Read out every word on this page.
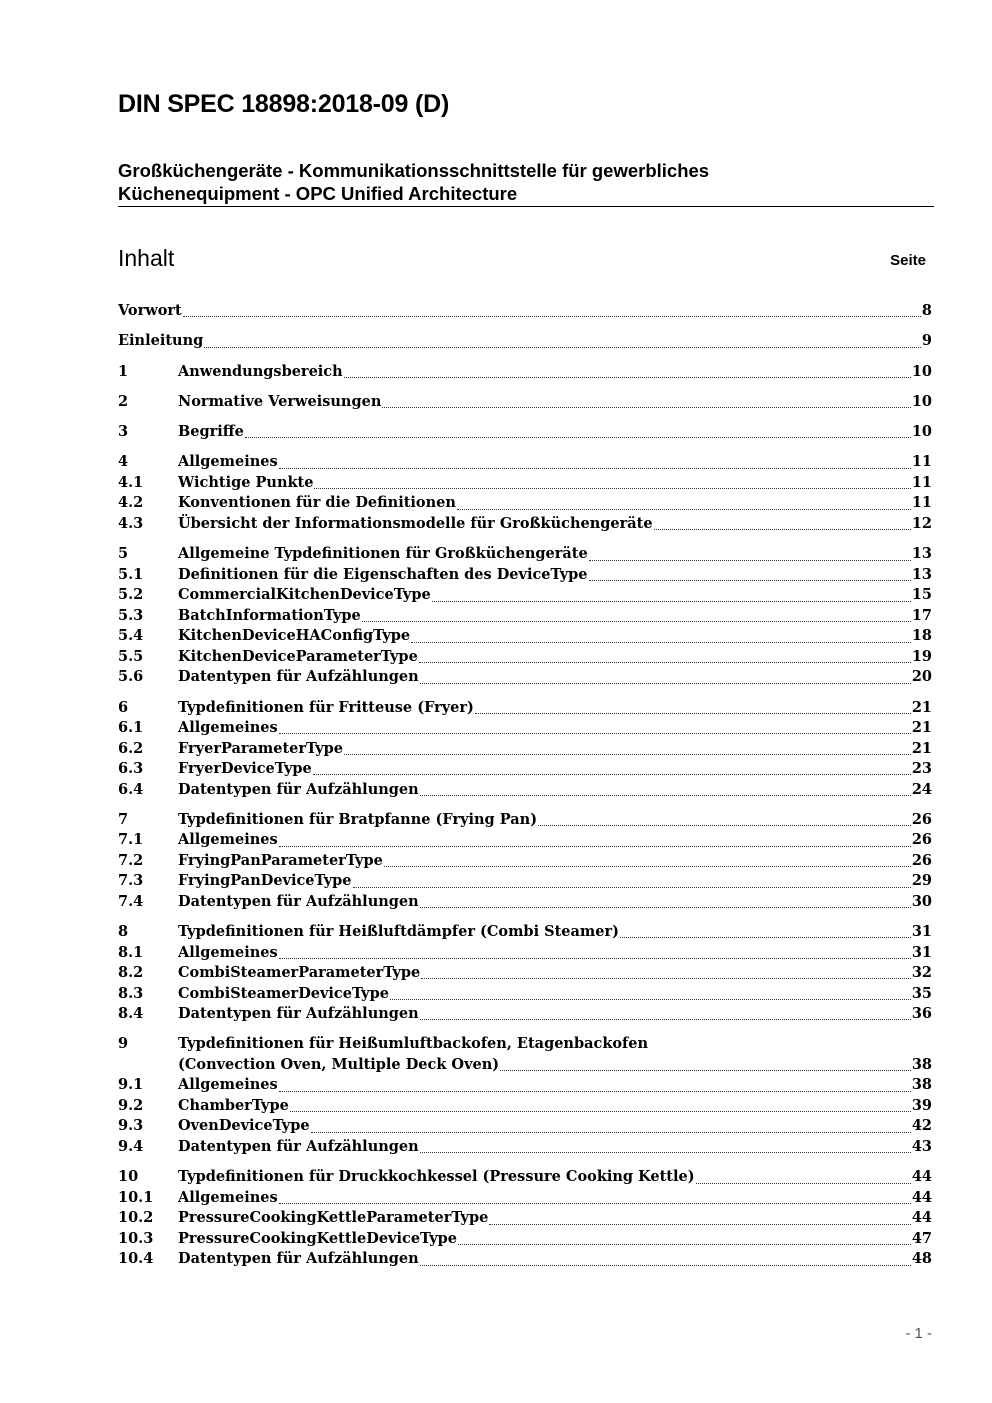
DIN SPEC 18898:2018-09 (D)
Großküchengeräte - Kommunikationsschnittstelle für gewerbliches
Küchenequipment - OPC Unified Architecture
Inhalt	Seite
Vorwort	8
Einleitung	9
1	Anwendungsbereich	10
2	Normative Verweisungen	10
3	Begriffe	10
4	Allgemeines	11
4.1	Wichtige Punkte	11
4.2	Konventionen für die Definitionen	11
4.3	Übersicht der Informationsmodelle für Großküchengeräte	12
5	Allgemeine Typdefinitionen für Großküchengeräte	13
5.1	Definitionen für die Eigenschaften des DeviceType	13
5.2	CommercialKitchenDeviceType	15
5.3	BatchInformationType	17
5.4	KitchenDeviceHAConfigType	18
5.5	KitchenDeviceParameterType	19
5.6	Datentypen für Aufzählungen	20
6	Typdefinitionen für Fritteuse (Fryer)	21
6.1	Allgemeines	21
6.2	FryerParameterType	21
6.3	FryerDeviceType	23
6.4	Datentypen für Aufzählungen	24
7	Typdefinitionen für Bratpfanne (Frying Pan)	26
7.1	Allgemeines	26
7.2	FryingPanParameterType	26
7.3	FryingPanDeviceType	29
7.4	Datentypen für Aufzählungen	30
8	Typdefinitionen für Heißluftdämpfer (Combi Steamer)	31
8.1	Allgemeines	31
8.2	CombiSteamerParameterType	32
8.3	CombiSteamerDeviceType	35
8.4	Datentypen für Aufzählungen	36
9	Typdefinitionen für Heißumluftbackofen, Etagenbackofen
(Convection Oven, Multiple Deck Oven)	38
9.1	Allgemeines	38
9.2	ChamberType	39
9.3	OvenDeviceType	42
9.4	Datentypen für Aufzählungen	43
10	Typdefinitionen für Druckkochkessel (Pressure Cooking Kettle)	44
10.1	Allgemeines	44
10.2	PressureCookingKettleParameterType	44
10.3	PressureCookingKettleDeviceType	47
10.4	Datentypen für Aufzählungen	48
- 1 -
